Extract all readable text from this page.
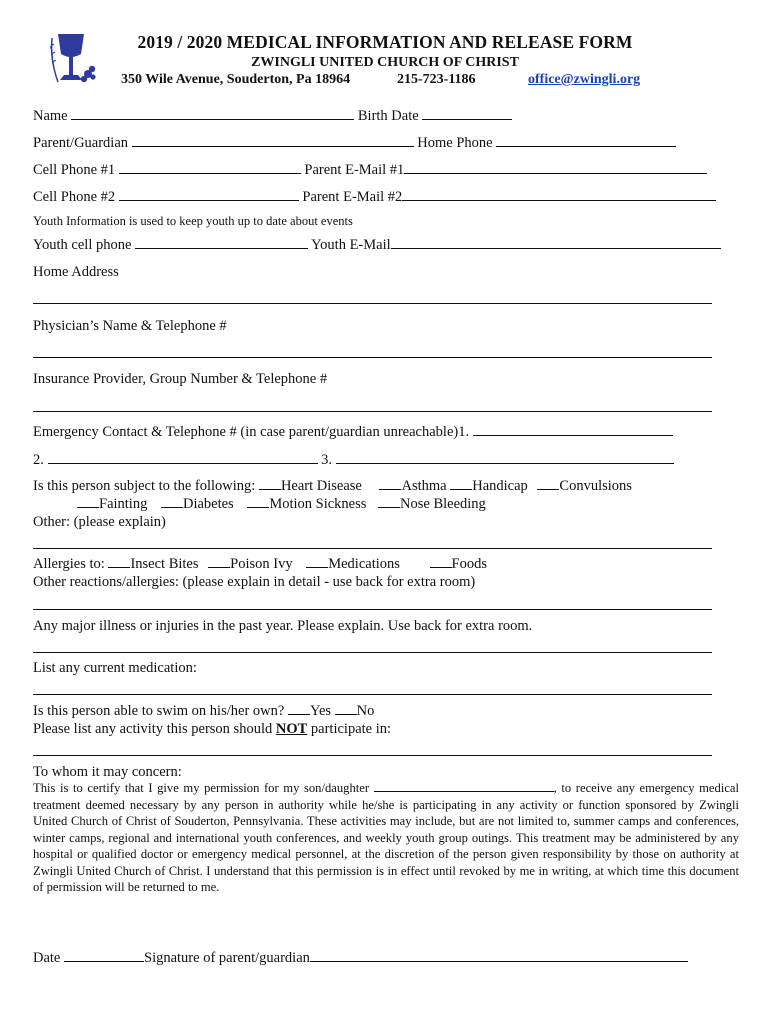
2019 / 2020 MEDICAL INFORMATION AND RELEASE FORM
ZWINGLI UNITED CHURCH OF CHRIST
350 Wile Avenue, Souderton, Pa 18964	215-723-1186	office@zwingli.org
Name	Birth Date
Parent/Guardian	Home Phone
Cell Phone #1	Parent E-Mail #1
Cell Phone #2	Parent E-Mail #2
Youth Information is used to keep youth up to date about events
Youth cell phone	Youth E-Mail
Home Address
Physician’s Name & Telephone #
Insurance Provider, Group Number & Telephone #
Emergency Contact & Telephone # (in case parent/guardian unreachable)1.
2.	3.
Is this person subject to the following: Heart Disease	Asthma Handicap Convulsions
Fainting Diabetes Motion Sickness Nose Bleeding
Other: (please explain)
Allergies to: Insect Bites Poison Ivy Medications	Foods
Other reactions/allergies: (please explain in detail - use back for extra room)
Any major illness or injuries in the past year. Please explain. Use back for extra room.
List any current medication:
Is this person able to swim on his/her own? Yes No
Please list any activity this person should NOT participate in:
To whom it may concern:
This is to certify that I give my permission for my son/daughter	, to receive any emergency medical treatment deemed necessary by any person in authority while he/she is participating in any activity or function sponsored by Zwingli United Church of Christ of Souderton, Pennsylvania. These activities may include, but are not limited to, summer camps and conferences, winter camps, regional and international youth conferences, and weekly youth group outings. This treatment may be administered by any hospital or qualified doctor or emergency medical personnel, at the discretion of the person given responsibility by those on authority at Zwingli United Church of Christ. I understand that this permission is in effect until revoked by me in writing, at which time this document of permission will be returned to me.
Date	Signature of parent/guardian
